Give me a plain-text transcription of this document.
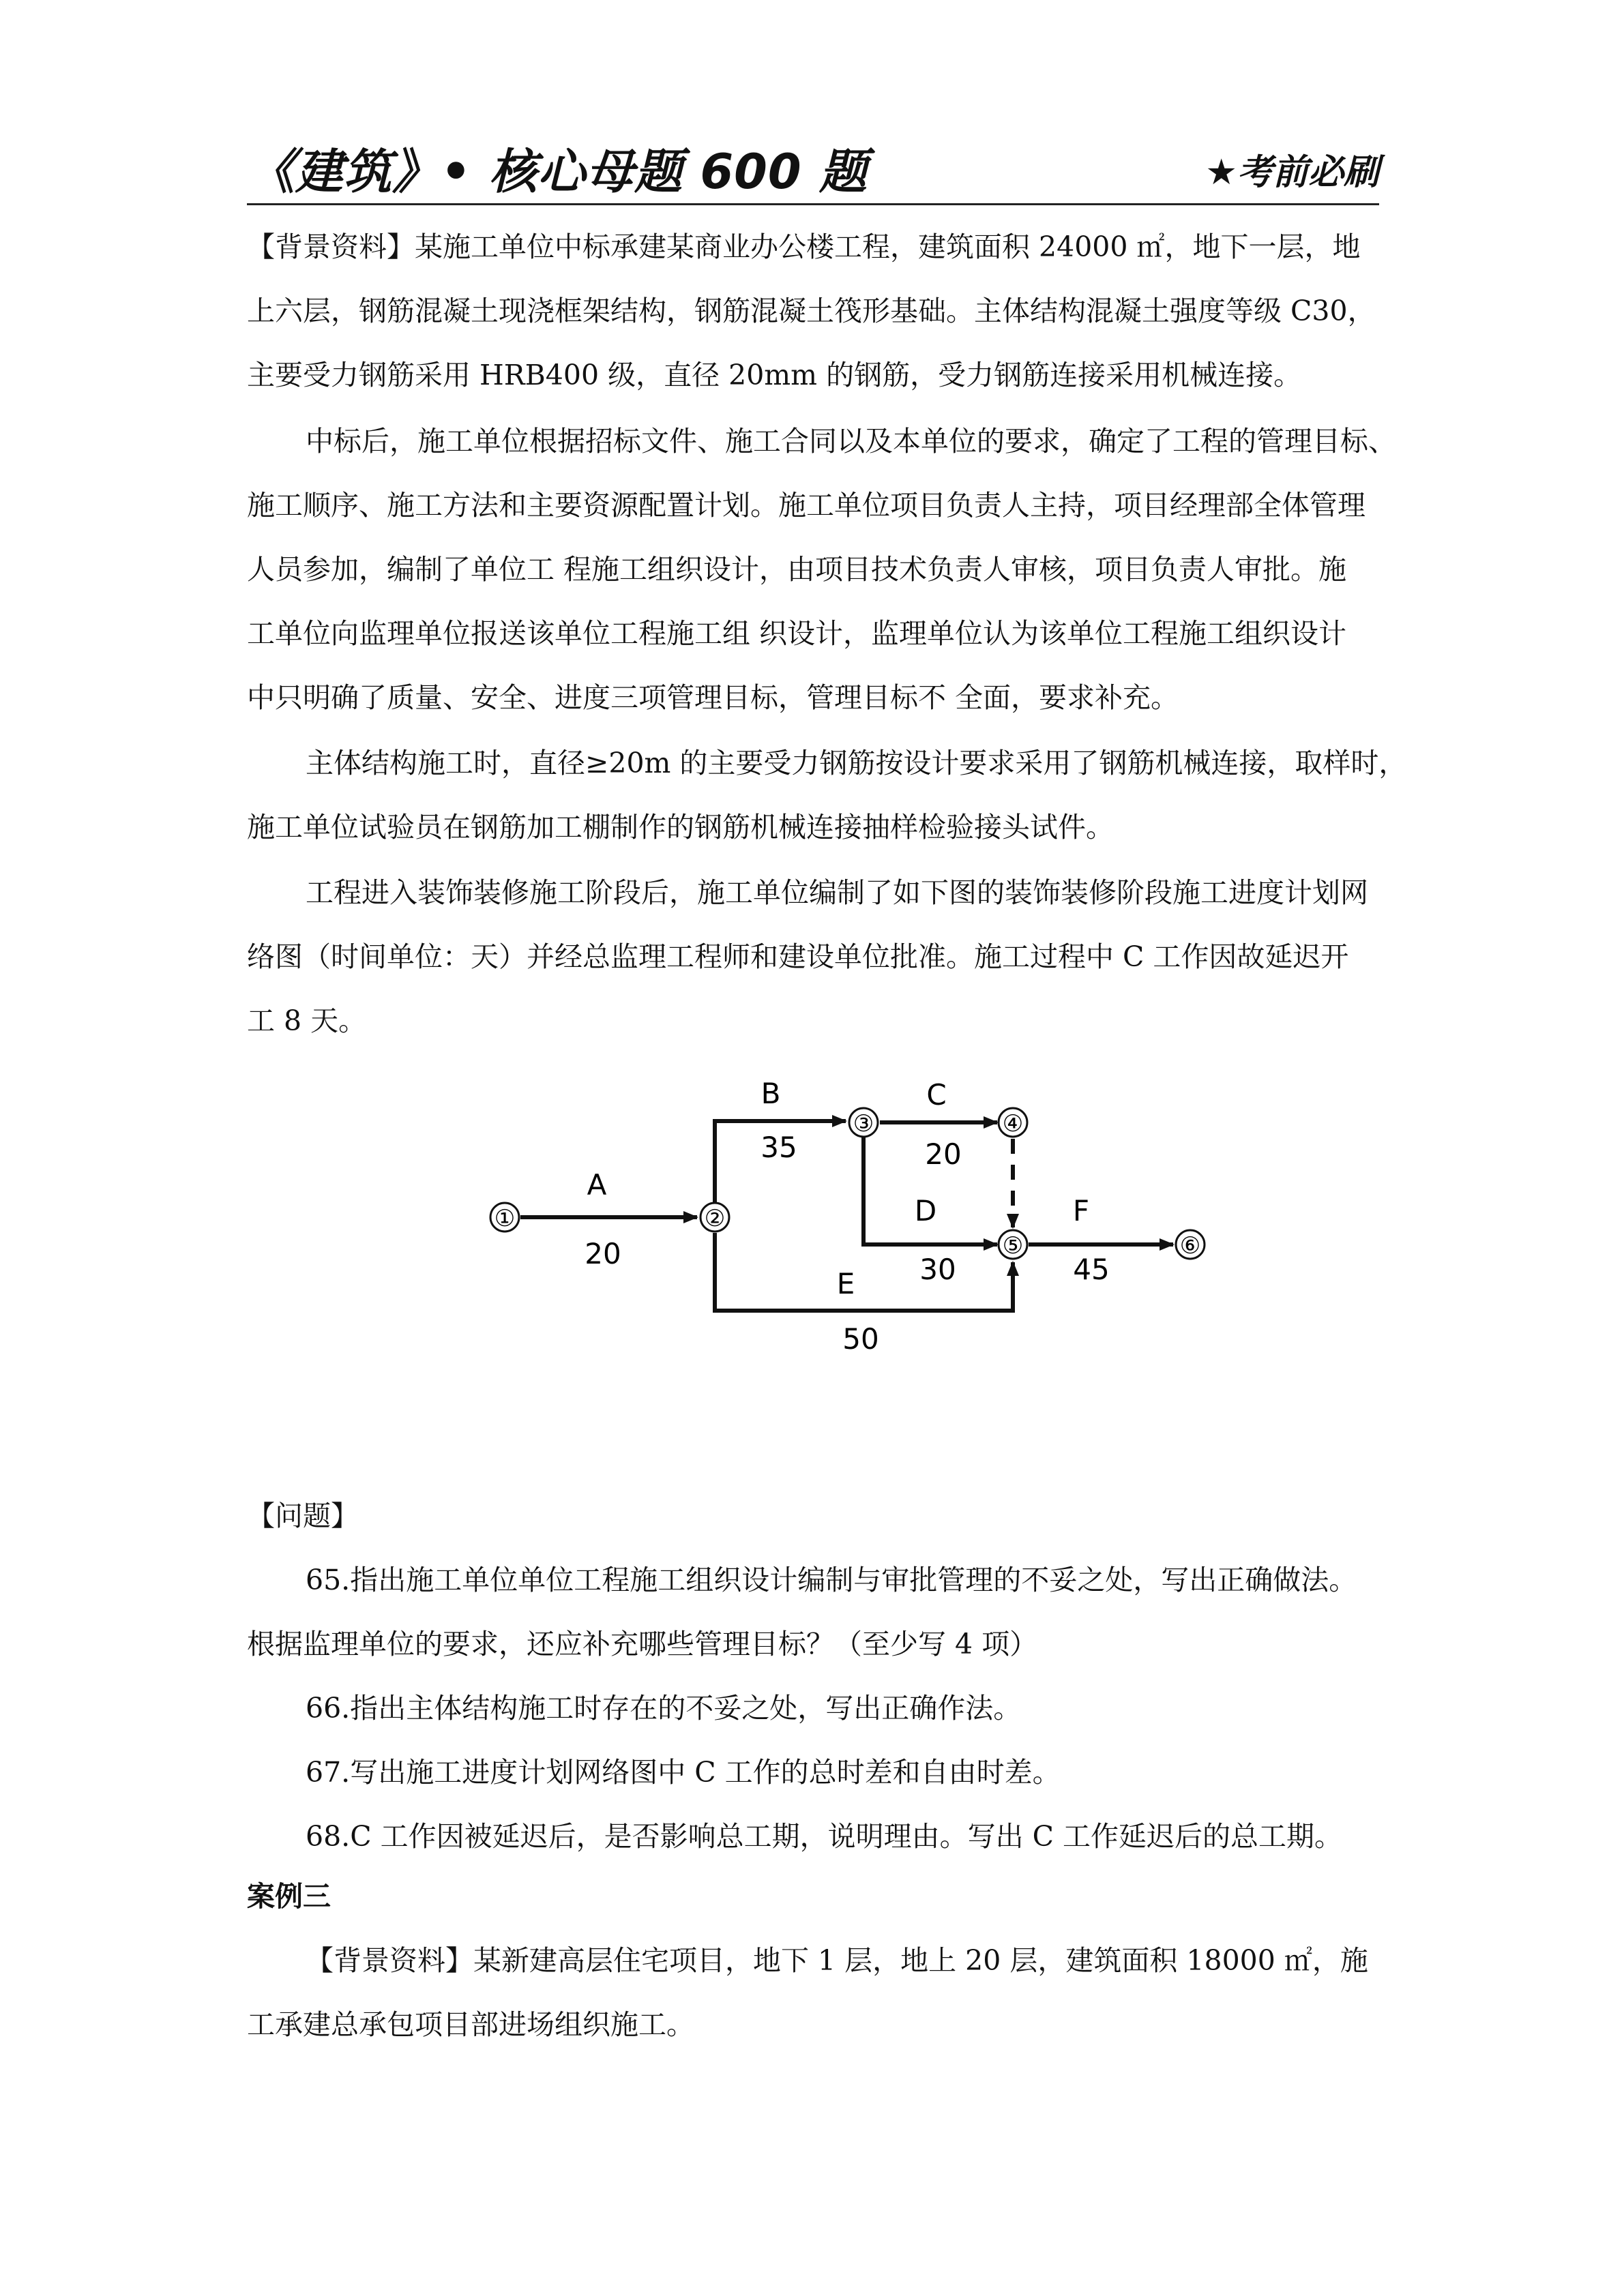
《建筑》• 核心母题 600 题	★考前必刷
【背景资料】某施工单位中标承建某商业办公楼工程，建筑面积 24000 ㎡，地下一层，地
上六层，钢筋混凝土现浇框架结构，钢筋混凝土筏形基础。主体结构混凝土强度等级 C30，
主要受力钢筋采用 HRB400 级，直径 20mm 的钢筋，受力钢筋连接采用机械连接。
中标后，施工单位根据招标文件、施工合同以及本单位的要求，确定了工程的管理目标、
施工顺序、施工方法和主要资源配置计划。施工单位项目负责人主持，项目经理部全体管理
人员参加，编制了单位工 程施工组织设计，由项目技术负责人审核，项目负责人审批。施
工单位向监理单位报送该单位工程施工组 织设计，监理单位认为该单位工程施工组织设计
中只明确了质量、安全、进度三项管理目标，管理目标不 全面，要求补充。
主体结构施工时，直径≥20m 的主要受力钢筋按设计要求采用了钢筋机械连接，取样时，
施工单位试验员在钢筋加工棚制作的钢筋机械连接抽样检验接头试件。
工程进入装饰装修施工阶段后，施工单位编制了如下图的装饰装修阶段施工进度计划网
络图（时间单位：天）并经总监理工程师和建设单位批准。施工过程中 C 工作因故延迟开
工 8 天。
①	②
③	④
⑤	⑥
A
20
B
35
C
20
D
30
E
50
F
45
【问题】
65.指出施工单位单位工程施工组织设计编制与审批管理的不妥之处，写出正确做法。
根据监理单位的要求，还应补充哪些管理目标？（至少写 4 项）
66.指出主体结构施工时存在的不妥之处，写出正确作法。
67.写出施工进度计划网络图中 C 工作的总时差和自由时差。
68.C 工作因被延迟后，是否影响总工期，说明理由。写出 C 工作延迟后的总工期。
案例三
【背景资料】某新建高层住宅项目，地下 1 层，地上 20 层，建筑面积 18000 ㎡，施
工承建总承包项目部进场组织施工。
